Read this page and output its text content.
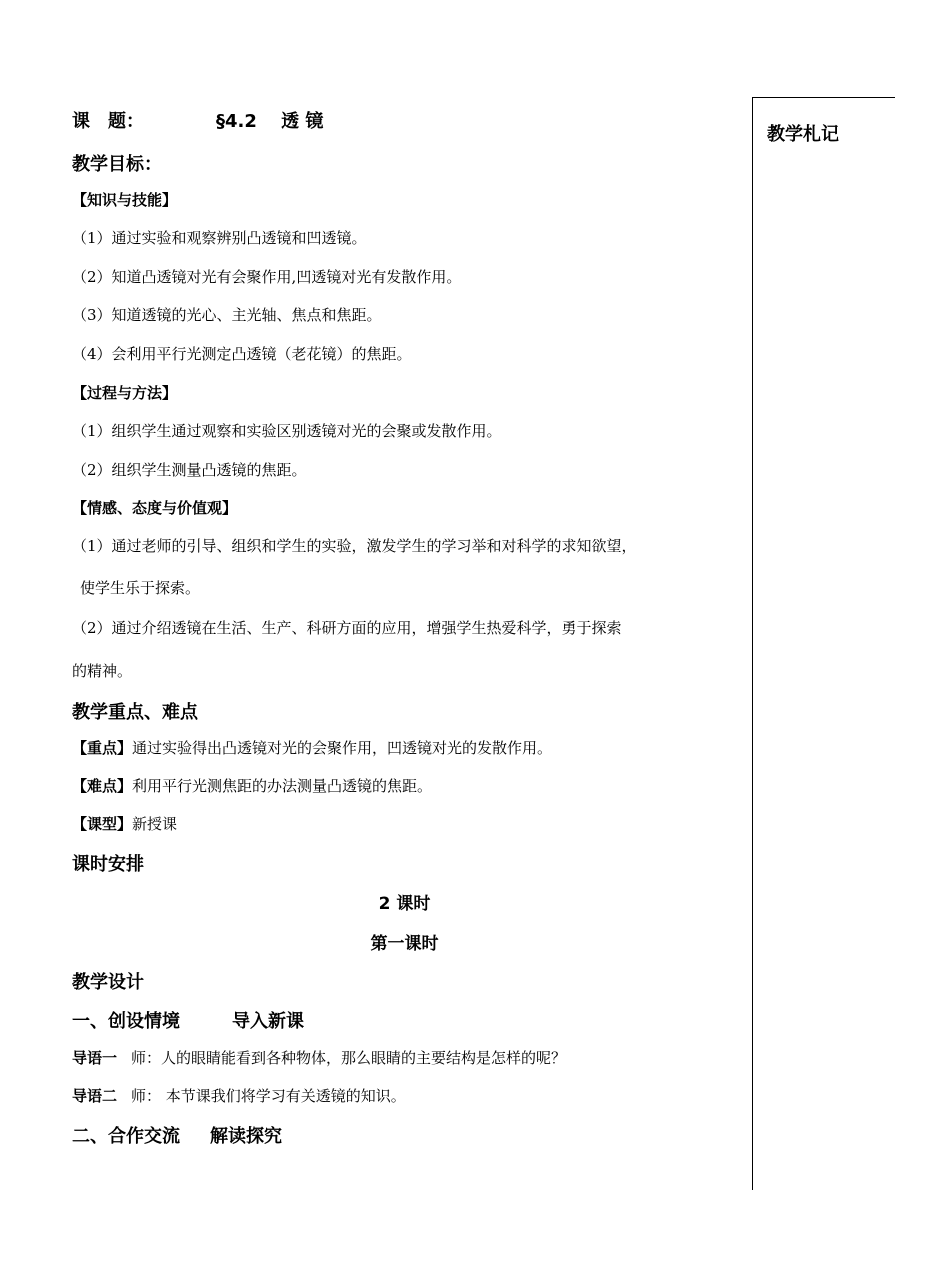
课　题：	§4.2　 透 镜
教学目标：
【知识与技能】
（1）通过实验和观察辨别凸透镜和凹透镜。
（2）知道凸透镜对光有会聚作用,凹透镜对光有发散作用。
（3）知道透镜的光心、主光轴、焦点和焦距。
（4）会利用平行光测定凸透镜（老花镜）的焦距。
【过程与方法】
（1）组织学生通过观察和实验区别透镜对光的会聚或发散作用。
（2）组织学生测量凸透镜的焦距。
【情感、态度与价值观】
（1）通过老师的引导、组织和学生的实验，激发学生的学习举和对科学的求知欲望，
使学生乐于探索。
（2）通过介绍透镜在生活、生产、科研方面的应用，增强学生热爱科学，勇于探索
的精神。
教学重点、难点
【重点】通过实验得出凸透镜对光的会聚作用，凹透镜对光的发散作用。
【难点】利用平行光测焦距的办法测量凸透镜的焦距。
【课型】新授课
课时安排
2 课时
第一课时
教学设计
一、创设情境	导入新课
导语一 师：人的眼睛能看到各种物体，那么眼睛的主要结构是怎样的呢？
导语二 师： 本节课我们将学习有关透镜的知识。
二、合作交流 解读探究
教学札记
